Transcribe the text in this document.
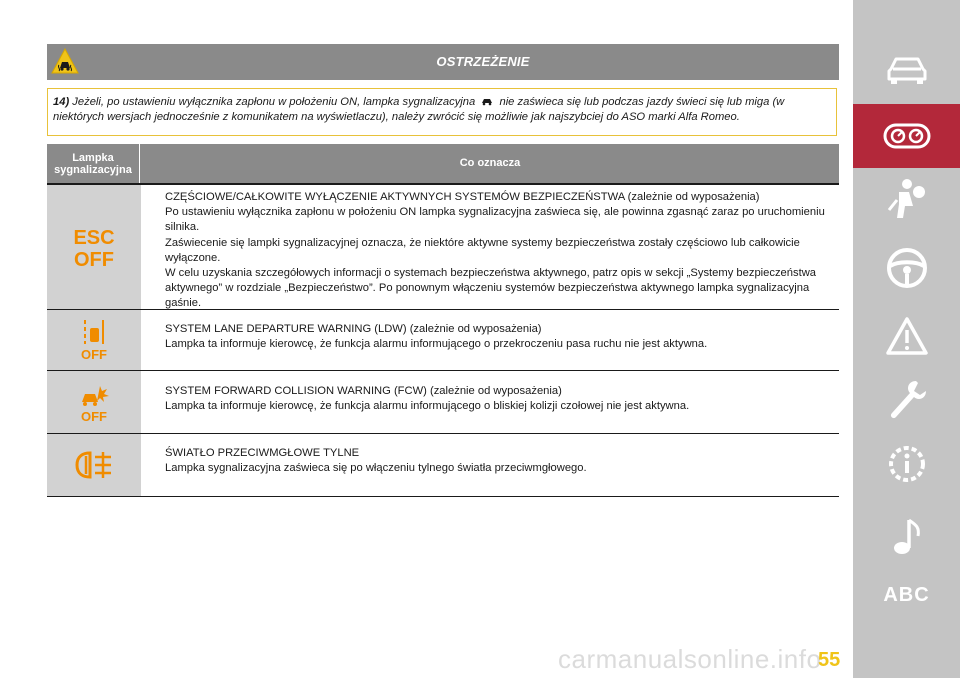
OSTRZEŻENIE
14) Jeżeli, po ustawieniu wyłącznika zapłonu w położeniu ON, lampka sygnalizacyjna nie zaświeca się lub podczas jazdy świeci się lub miga (w niektórych wersjach jednocześnie z komunikatem na wyświetlaczu), należy zwrócić się możliwie jak najszybciej do ASO marki Alfa Romeo.
Lampka sygnalizacyjna
Co oznacza
ESC
OFF
CZĘŚCIOWE/CAŁKOWITE WYŁĄCZENIE AKTYWNYCH SYSTEMÓW BEZPIECZEŃSTWA (zależnie od wyposażenia)
Po ustawieniu wyłącznika zapłonu w położeniu ON lampka sygnalizacyjna zaświeca się, ale powinna zgasnąć zaraz po uruchomieniu silnika.
Zaświecenie się lampki sygnalizacyjnej oznacza, że niektóre aktywne systemy bezpieczeństwa zostały częściowo lub całkowicie wyłączone.
W celu uzyskania szczegółowych informacji o systemach bezpieczeństwa aktywnego, patrz opis w sekcji „Systemy bezpieczeństwa aktywnego” w rozdziale „Bezpieczeństwo”. Po ponownym włączeniu systemów bezpieczeństwa aktywnego lampka sygnalizacyjna gaśnie.
OFF
SYSTEM LANE DEPARTURE WARNING (LDW) (zależnie od wyposażenia)
Lampka ta informuje kierowcę, że funkcja alarmu informującego o przekroczeniu pasa ruchu nie jest aktywna.
OFF
SYSTEM FORWARD COLLISION WARNING (FCW) (zależnie od wyposażenia)
Lampka ta informuje kierowcę, że funkcja alarmu informującego o bliskiej kolizji czołowej nie jest aktywna.
ŚWIATŁO PRZECIWMGŁOWE TYLNE
Lampka sygnalizacyjna zaświeca się po włączeniu tylnego światła przeciwmgłowego.
ABC
carmanualsonline.info
55
